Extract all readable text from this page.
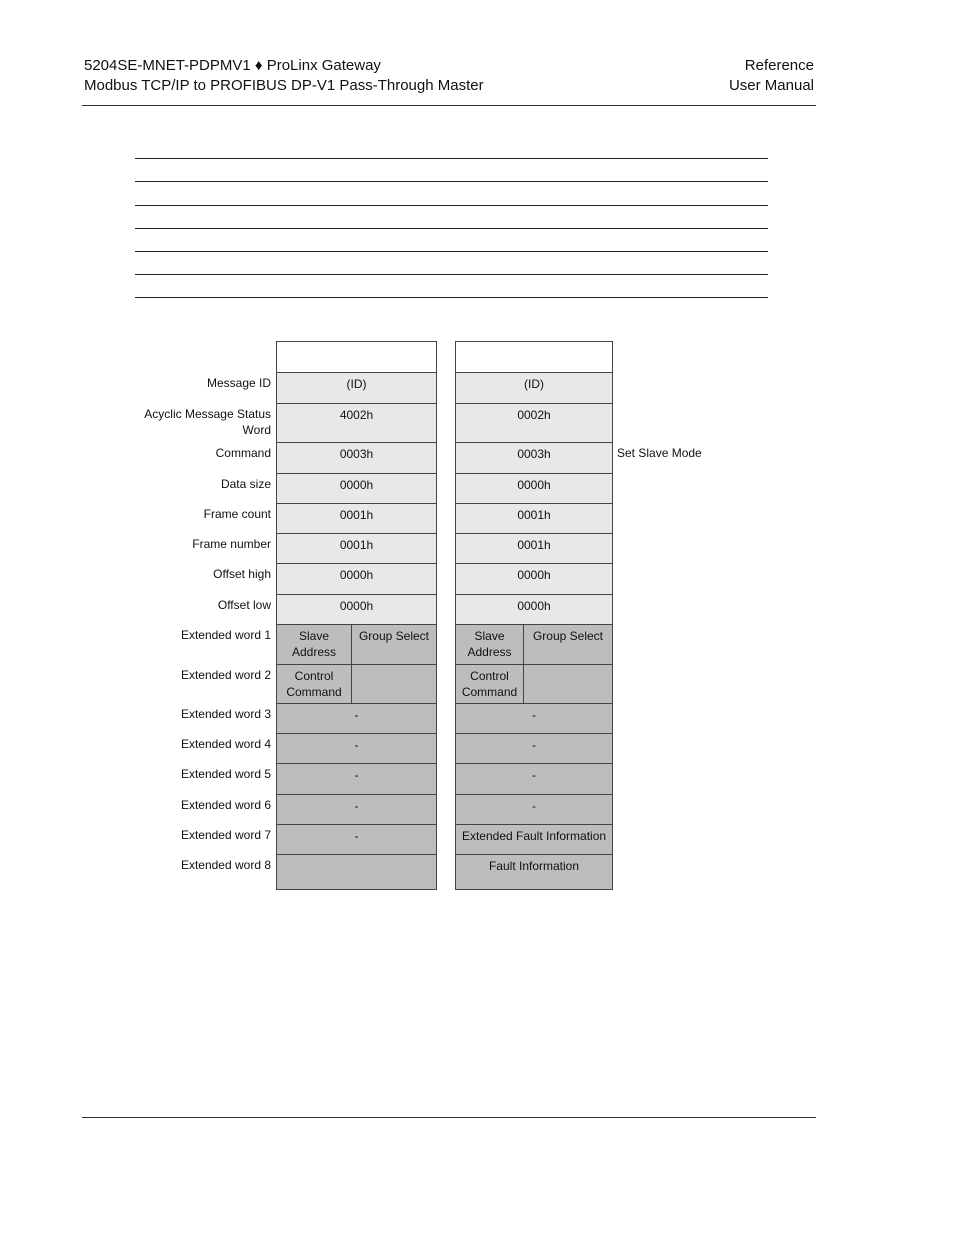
5204SE-MNET-PDPMV1 ♦ ProLinx Gateway
Modbus TCP/IP to PROFIBUS DP-V1 Pass-Through Master
Reference
User Manual
Message ID
Acyclic Message Status Word
Command
Data size
Frame count
Frame number
Offset high
Offset low
Extended word 1
Extended word 2
Extended word 3
Extended word 4
Extended word 5
Extended word 6
Extended word 7
Extended word 8
Set Slave Mode
(ID)
4002h
0003h
0000h
0001h
0001h
0000h
0000h
Slave Address
Group Select
Control Command
-
-
-
-
-
(ID)
0002h
0003h
0000h
0001h
0001h
0000h
0000h
Slave Address
Group Select
Control Command
-
-
-
-
Extended Fault Information
Fault Information
